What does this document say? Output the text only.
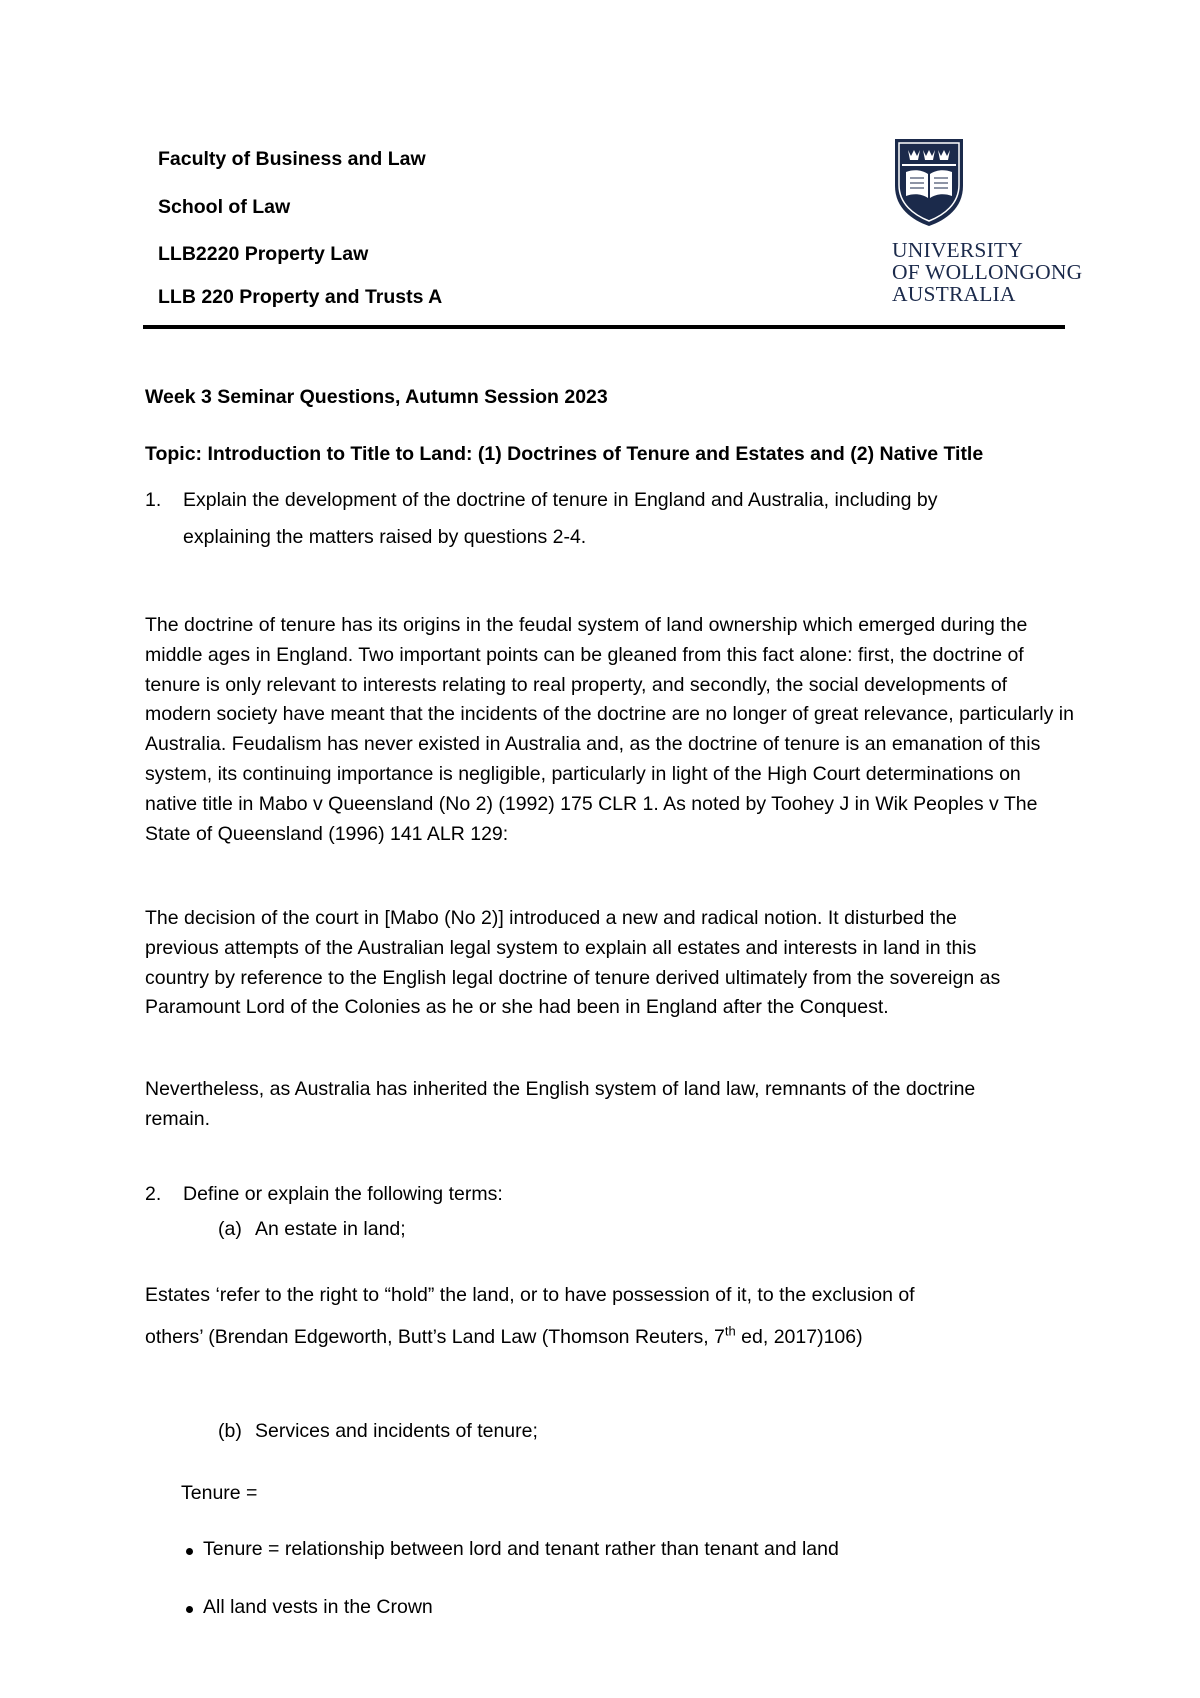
Faculty of Business and Law
School of Law
LLB2220 Property Law
LLB 220 Property and Trusts A
UNIVERSITY
OF WOLLONGONG
AUSTRALIA
Week 3 Seminar Questions, Autumn Session 2023
Topic: Introduction to Title to Land: (1) Doctrines of Tenure and Estates and (2) Native Title
1. Explain the development of the doctrine of tenure in England and Australia, including by
explaining the matters raised by questions 2-4.
The doctrine of tenure has its origins in the feudal system of land ownership which emerged during the middle ages in England. Two important points can be gleaned from this fact alone: first, the doctrine of tenure is only relevant to interests relating to real property, and secondly, the social developments of modern society have meant that the incidents of the doctrine are no longer of great relevance, particularly in Australia. Feudalism has never existed in Australia and, as the doctrine of tenure is an emanation of this system, its continuing importance is negligible, particularly in light of the High Court determinations on native title in Mabo v Queensland (No 2) (1992) 175 CLR 1. As noted by Toohey J in Wik Peoples v The State of Queensland (1996) 141 ALR 129:
The decision of the court in [Mabo (No 2)] introduced a new and radical notion. It disturbed the previous attempts of the Australian legal system to explain all estates and interests in land in this country by reference to the English legal doctrine of tenure derived ultimately from the sovereign as Paramount Lord of the Colonies as he or she had been in England after the Conquest.
Nevertheless, as Australia has inherited the English system of land law, remnants of the doctrine remain.
2. Define or explain the following terms:
(a) An estate in land;
Estates ‘refer to the right to “hold” the land, or to have possession of it, to the exclusion of
others’ (Brendan Edgeworth, Butt’s Land Law (Thomson Reuters, 7th ed, 2017)106)
(b) Services and incidents of tenure;
Tenure =
Tenure = relationship between lord and tenant rather than tenant and land
All land vests in the Crown
